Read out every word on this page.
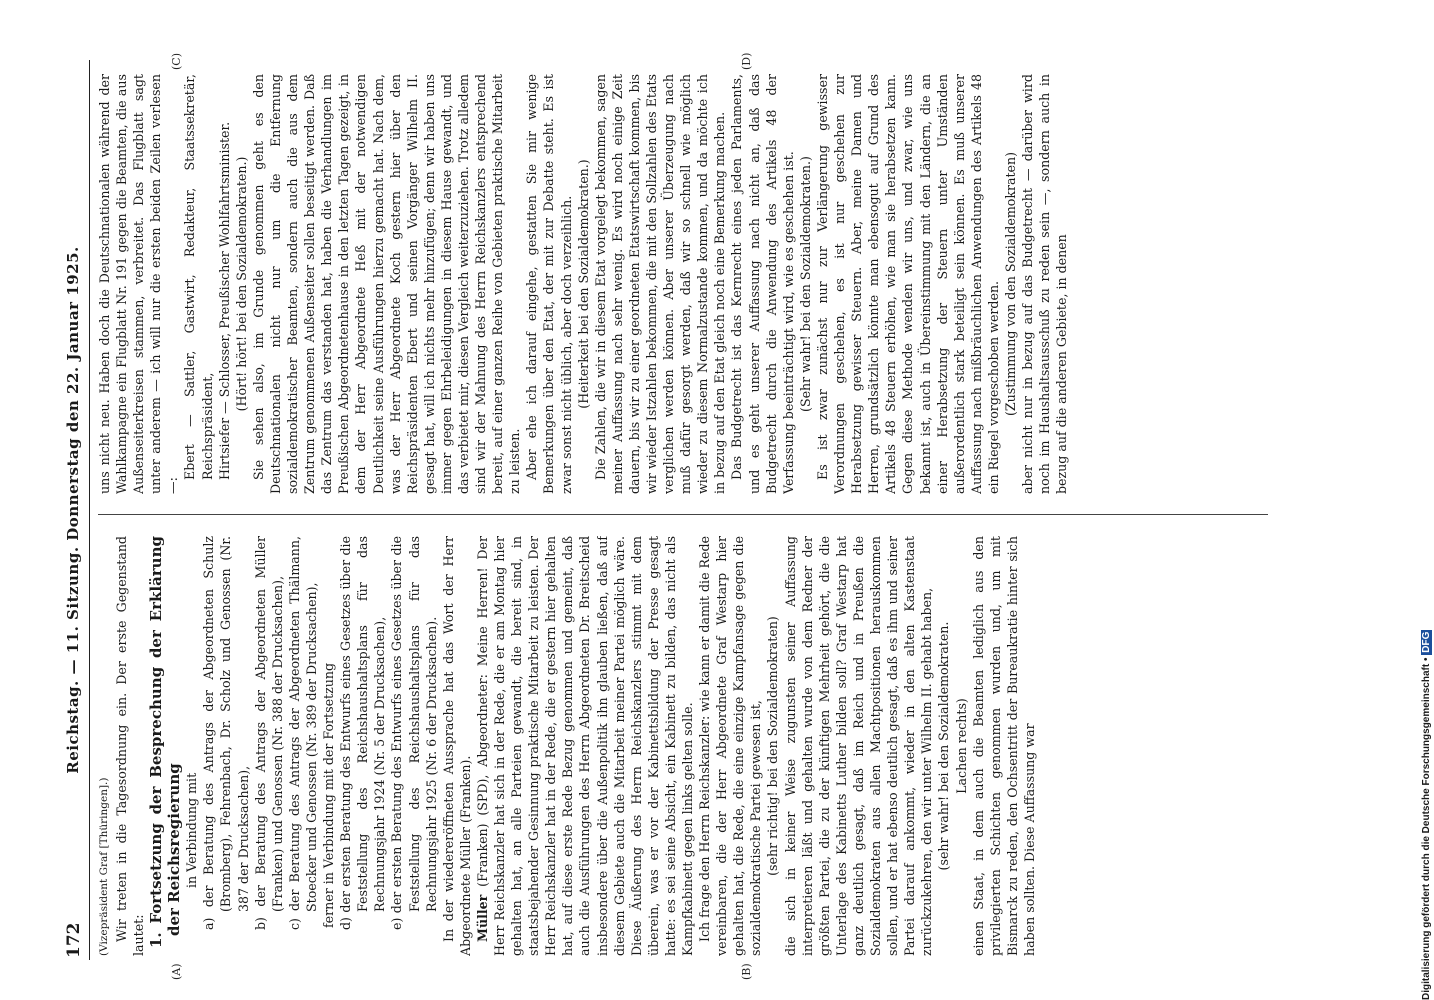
172
Reichstag. — 11. Sitzung. Donnerstag den 22. Januar 1925.
(A)	(B)
(C)	(D)

(Vizepräsident Graf [Thüringen].) Wir treten in die Tagesordnung ein. Der erste Gegenstand lautet: 1. Fortsetzung der Besprechung der Erklärung der Reichsregierung in Verbindung mit a) der Beratung des Antrags der Abgeordneten Schulz (Bromberg), Fehrenbach, Dr. Scholz und Genossen (Nr. 387 der Drucksachen), b) der Beratung des Antrags der Abgeordneten Müller (Franken) und Genossen (Nr. 388 der Drucksachen), c) der Beratung des Antrags der Abgeordneten Thälmann, Stoecker und Genossen (Nr. 389 der Drucksachen), ferner in Verbindung mit der Fortsetzung d) der ersten Beratung des Entwurfs eines Gesetzes über die Feststellung des Reichshaushaltsplans für das Rechnungsjahr 1924 (Nr. 5 der Drucksachen), e) der ersten Beratung des Entwurfs eines Gesetzes über die Feststellung des Reichshaushaltsplans für das Rechnungsjahr 1925 (Nr. 6 der Drucksachen). In der wiedereröffneten Aussprache hat das Wort der Herr Abgeordnete Müller (Franken). Müller (Franken) (SPD), Abgeordneter: Meine Herren! Der Herr Reichskanzler hat sich in der Rede, die er am Montag hier gehalten hat, an alle Parteien gewandt, die bereit sind, in staatsbejahender Gesinnung praktische Mitarbeit zu leisten. Der Herr Reichskanzler hat in der Rede, die er gestern hier gehalten hat, auf diese erste Rede Bezug genommen und gemeint, daß auch die Ausführungen des Herrn Abgeordneten Dr. Breitscheid insbesondere über die Außenpolitik ihn glauben ließen, daß auf diesem Gebiete auch die Mitarbeit meiner Partei möglich wäre. Diese Äußerung des Herrn Reichskanzlers stimmt mit dem überein, was er vor der Kabinettsbildung der Presse gesagt hatte: es sei seine Absicht, ein Kabinett zu bilden, das nicht als Kampfkabinett gegen links gelten solle. Ich frage den Herrn Reichskanzler: wie kann er damit die Rede vereinbaren, die der Herr Abgeordnete Graf Westarp hier gehalten hat, die Rede, die eine einzige Kampfansage gegen die sozialdemokratische Partei gewesen ist, (sehr richtig! bei den Sozialdemokraten) die sich in keiner Weise zugunsten seiner Auffassung interpretieren läßt und gehalten wurde von dem Redner der größten Partei, die zu der künftigen Mehrheit gehört, die die Unterlage des Kabinetts Luther bilden soll? Graf Westarp hat ganz deutlich gesagt, daß im Reich und in Preußen die Sozialdemokraten aus allen Machtpositionen herauskommen sollen, und er hat ebenso deutlich gesagt, daß es ihm und seiner Partei darauf ankommt, wieder in den alten Kastenstaat zurückzukehren, den wir unter Wilhelm II. gehabt haben, (sehr wahr! bei den Sozialdemokraten. Lachen rechts) einen Staat, in dem auch die Beamten lediglich aus den privilegierten Schichten genommen wurden und, um mit Bismarck zu reden, den Ochsentritt der Bureaukratie hinter sich haben sollten. Diese Auffassung war

uns nicht neu. Haben doch die Deutschnationalen während der Wahlkampagne ein Flugblatt Nr. 191 gegen die Beamten, die aus Außenseiterkreisen stammen, verbreitet. Das Flugblatt sagt unter anderem — ich will nur die ersten beiden Zeilen verlesen —:

Ebert — Sattler, Gastwirt, Redakteur, Staatssekretär, Reichspräsident, Hirtsiefer — Schlosser, Preußischer Wohlfahrtsminister. (Hört! hört! bei den Sozialdemokraten.) Sie sehen also, im Grunde genommen geht es den Deutschnationalen nicht nur um die Entfernung sozialdemokratischer Beamten, sondern auch die aus dem Zentrum genommenen Außenseiter sollen beseitigt werden. Daß das Zentrum das verstanden hat, haben die Verhandlungen im Preußischen Abgeordnetenhause in den letzten Tagen gezeigt, in dem der Herr Abgeordnete Heß mit der notwendigen Deutlichkeit seine Ausführungen hierzu gemacht hat. Nach dem, was der Herr Abgeordnete Koch gestern hier über den Reichspräsidenten Ebert und seinen Vorgänger Wilhelm II. gesagt hat, will ich nichts mehr hinzufügen; denn wir haben uns immer gegen Ehrbeleidigungen in diesem Hause gewandt, und das verbietet mir, diesen Vergleich weiterzuziehen. Trotz alledem sind wir der Mahnung des Herrn Reichskanzlers entsprechend bereit, auf einer ganzen Reihe von Gebieten praktische Mitarbeit zu leisten. Aber ehe ich darauf eingehe, gestatten Sie mir wenige Bemerkungen über den Etat, der mit zur Debatte steht. Es ist zwar sonst nicht üblich, aber doch verzeihlich. (Heiterkeit bei den Sozialdemokraten.) Die Zahlen, die wir in diesem Etat vorgelegt bekommen, sagen meiner Auffassung nach sehr wenig. Es wird noch einige Zeit dauern, bis wir zu einer geordneten Etatswirtschaft kommen, bis wir wieder Istzahlen bekommen, die mit den Sollzahlen des Etats verglichen werden können. Aber unserer Überzeugung nach muß dafür gesorgt werden, daß wir so schnell wie möglich wieder zu diesem Normalzustande kommen, und da möchte ich in bezug auf den Etat gleich noch eine Bemerkung machen. Das Budgetrecht ist das Kernrecht eines jeden Parlaments, und es geht unserer Auffassung nach nicht an, daß das Budgetrecht durch die Anwendung des Artikels 48 der Verfassung beeinträchtigt wird, wie es geschehen ist. (Sehr wahr! bei den Sozialdemokraten.) Es ist zwar zunächst nur zur Verlängerung gewisser Verordnungen geschehen, es ist nur geschehen zur Herabsetzung gewisser Steuern. Aber, meine Damen und Herren, grundsätzlich könnte man ebensogut auf Grund des Artikels 48 Steuern erhöhen, wie man sie herabsetzen kann. Gegen diese Methode wenden wir uns, und zwar, wie uns bekannt ist, auch in Übereinstimmung mit den Ländern, die an einer Herabsetzung der Steuern unter Umständen außerordentlich stark beteiligt sein können. Es muß unserer Auffassung nach mißbräuchlichen Anwendungen des Artikels 48 ein Riegel vorgeschoben werden. (Zustimmung von den Sozialdemokraten) aber nicht nur in bezug auf das Budgetrecht — darüber wird noch im Haushaltsausschuß zu reden sein —, sondern auch in bezug auf die anderen Gebiete, in denen

Digitalisierung gefördert durch die Deutsche Forschungsgemeinschaft • DFG
